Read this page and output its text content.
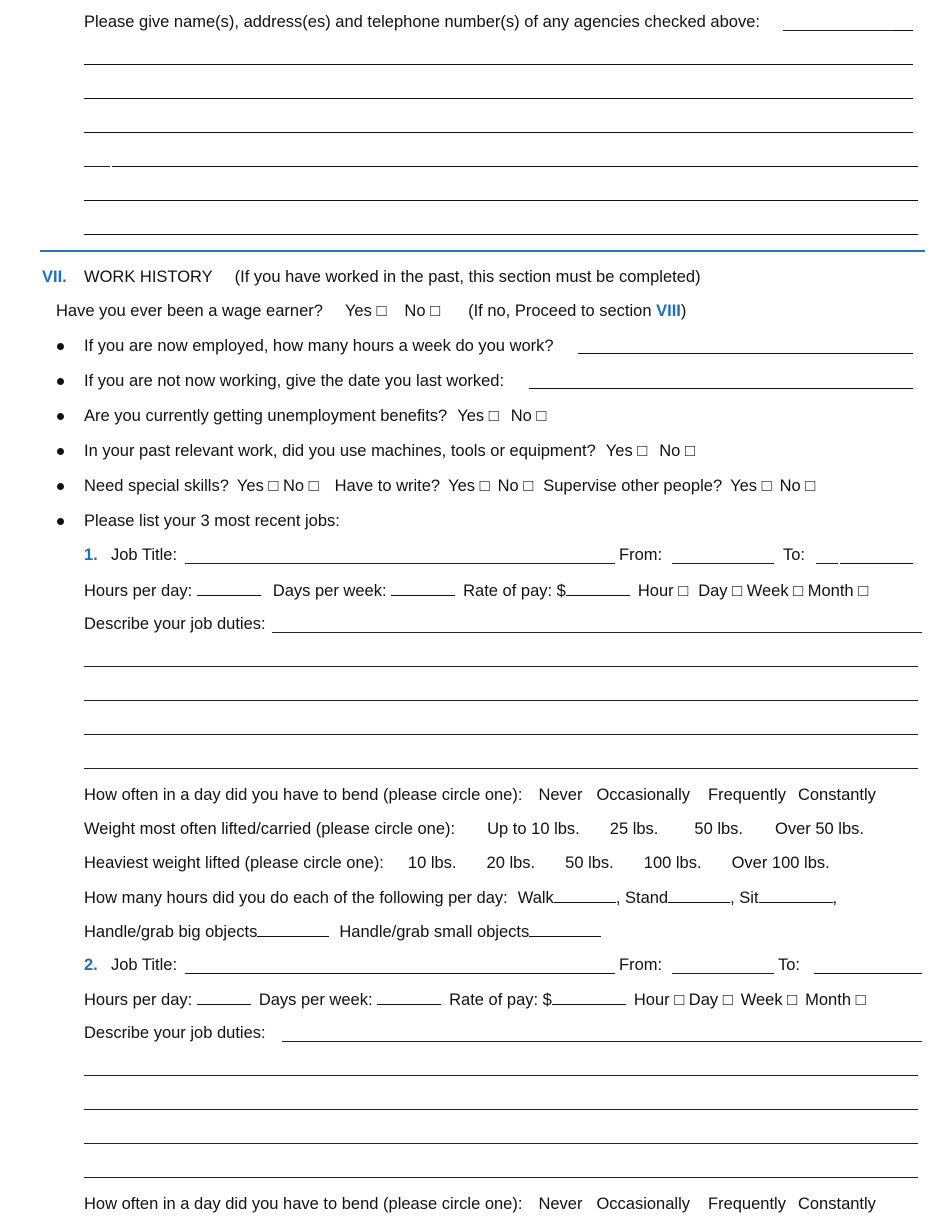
Please give name(s), address(es) and telephone number(s) of any agencies checked above:
VII. WORK HISTORY (If you have worked in the past, this section must be completed)
Have you ever been a wage earner? Yes □ No □ (If no, Proceed to section VIII)
If you are now employed, how many hours a week do you work?
If you are not now working, give the date you last worked:
Are you currently getting unemployment benefits? Yes □ No □
In your past relevant work, did you use machines, tools or equipment? Yes □ No □
Need special skills? Yes □ No □ Have to write? Yes □ No □ Supervise other people? Yes □ No □
Please list your 3 most recent jobs:
1. Job Title:	From:	To:
Hours per day:	Days per week:	Rate of pay: $	Hour □ Day □ Week □ Month □
Describe your job duties:
How often in a day did you have to bend (please circle one): Never Occasionally Frequently Constantly
Weight most often lifted/carried (please circle one): Up to 10 lbs. 25 lbs. 50 lbs. Over 50 lbs.
Heaviest weight lifted (please circle one): 10 lbs. 20 lbs. 50 lbs. 100 lbs. Over 100 lbs.
How many hours did you do each of the following per day: Walk	, Stand	, Sit	,
Handle/grab big objects	Handle/grab small objects
2. Job Title:	From:	To:
Hours per day:	Days per week:	Rate of pay: $	Hour □ Day □ Week □ Month □
Describe your job duties:
How often in a day did you have to bend (please circle one): Never Occasionally Frequently Constantly
